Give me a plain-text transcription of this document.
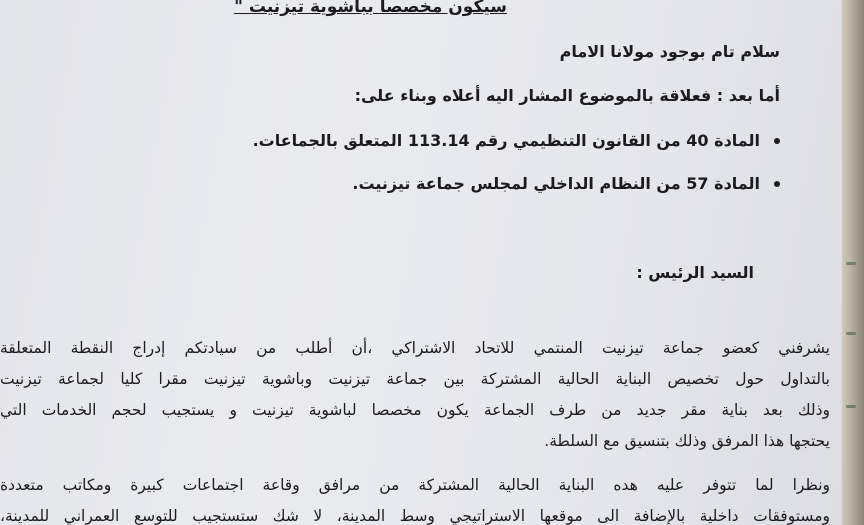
سيكون مخصصا بباشوية تيزنيت "
سلام تام بوجود مولانا الامام
أما بعد : فعلاقة بالموضوع المشار اليه أعلاه وبناء على:
المادة 40 من القانون التنظيمي رقم 113.14 المتعلق بالجماعات.
المادة 57 من النظام الداخلي لمجلس جماعة تيزنيت.
السيد الرئيس :
يشرفني كعضو جماعة تيزنيت المنتمي للاتحاد الاشتراكي ،أن أطلب من سيادتكم إدراج النقطة المتعلقة
بالتداول حول تخصيص البناية الحالية المشتركة بين جماعة تيزنيت وباشوية تيزنيت مقرا كليا لجماعة تيزنيت
وذلك بعد بناية مقر جديد من طرف الجماعة يكون مخصصا لباشوية تيزنيت و يستجيب لحجم الخدمات التي
يحتجها هذا المرفق وذلك بتنسيق مع السلطة.
ونظرا لما تتوفر عليه هده البناية الحالية المشتركة من مرافق وقاعة اجتماعات كبيرة ومكاتب متعددة
ومستوفقات داخلية بالإضافة الى موقعها الاستراتيجي وسط المدينة، لا شك ستستجيب للتوسع العمراني للمدينة،
